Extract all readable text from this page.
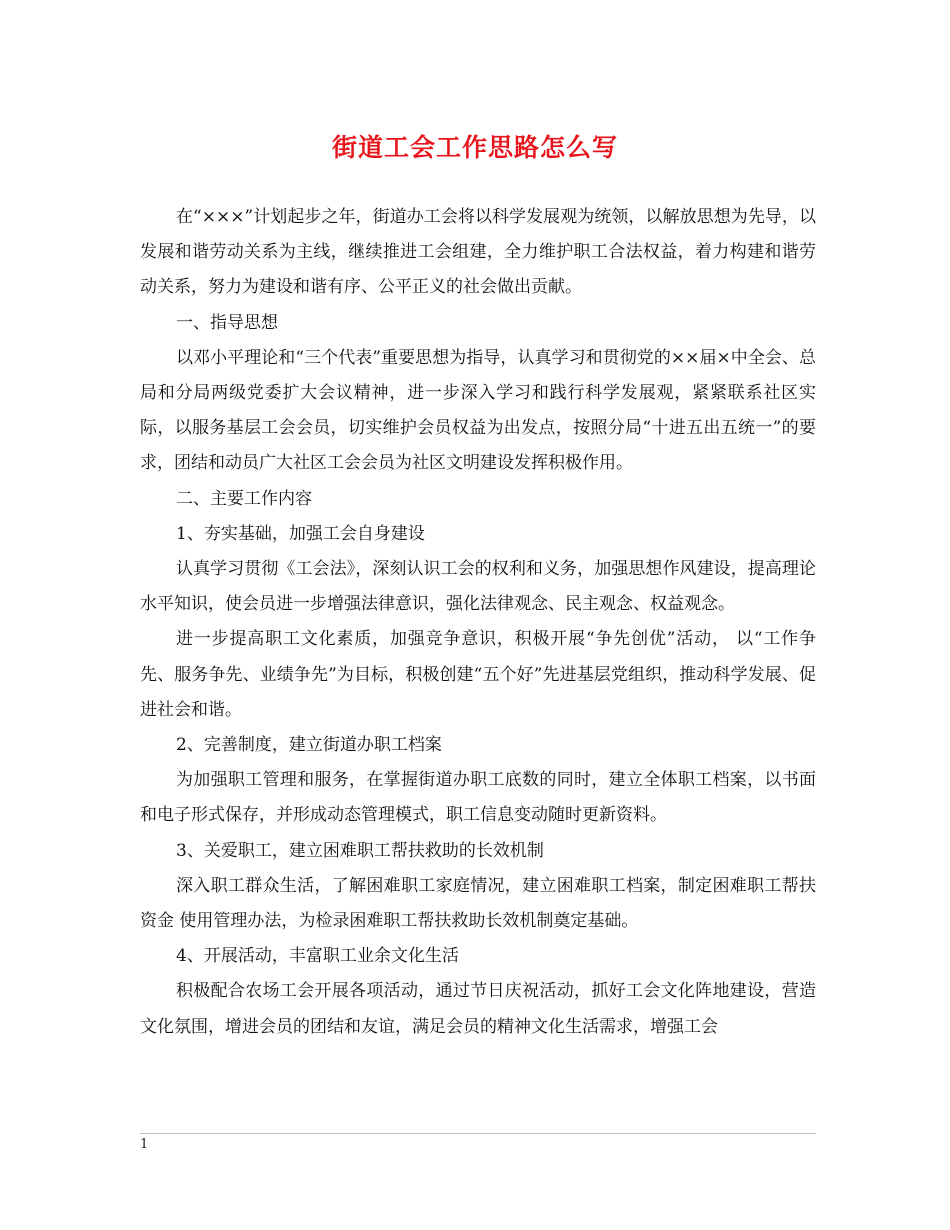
街道工会工作思路怎么写

在“×××”计划起步之年，街道办工会将以科学发展观为统领，以解放思想为先导，以发展和谐劳动关系为主线，继续推进工会组建，全力维护职工合法权益，着力构建和谐劳动关系，努力为建设和谐有序、公平正义的社会做出贡献。

一、指导思想

以邓小平理论和“三个代表”重要思想为指导，认真学习和贯彻党的××届×中全会、总局和分局两级党委扩大会议精神，进一步深入学习和践行科学发展观，紧紧联系社区实际，以服务基层工会会员，切实维护会员权益为出发点，按照分局“十进五出五统一”的要求，团结和动员广大社区工会会员为社区文明建设发挥积极作用。

二、主要工作内容

1、夯实基础，加强工会自身建设

认真学习贯彻《工会法》，深刻认识工会的权利和义务，加强思想作风建设，提高理论水平知识，使会员进一步增强法律意识，强化法律观念、民主观念、权益观念。

进一步提高职工文化素质，加强竞争意识，积极开展“争先创优”活动， 以“工作争先、服务争先、业绩争先”为目标，积极创建“五个好”先进基层党组织，推动科学发展、促进社会和谐。

2、完善制度，建立街道办职工档案

为加强职工管理和服务，在掌握街道办职工底数的同时，建立全体职工档案，以书面和电子形式保存，并形成动态管理模式，职工信息变动随时更新资料。

3、关爱职工，建立困难职工帮扶救助的长效机制

深入职工群众生活，了解困难职工家庭情况，建立困难职工档案，制定困难职工帮扶资金 使用管理办法，为检录困难职工帮扶救助长效机制奠定基础。

4、开展活动，丰富职工业余文化生活

积极配合农场工会开展各项活动，通过节日庆祝活动，抓好工会文化阵地建设，营造文化氛围，增进会员的团结和友谊，满足会员的精神文化生活需求，增强工会

1
